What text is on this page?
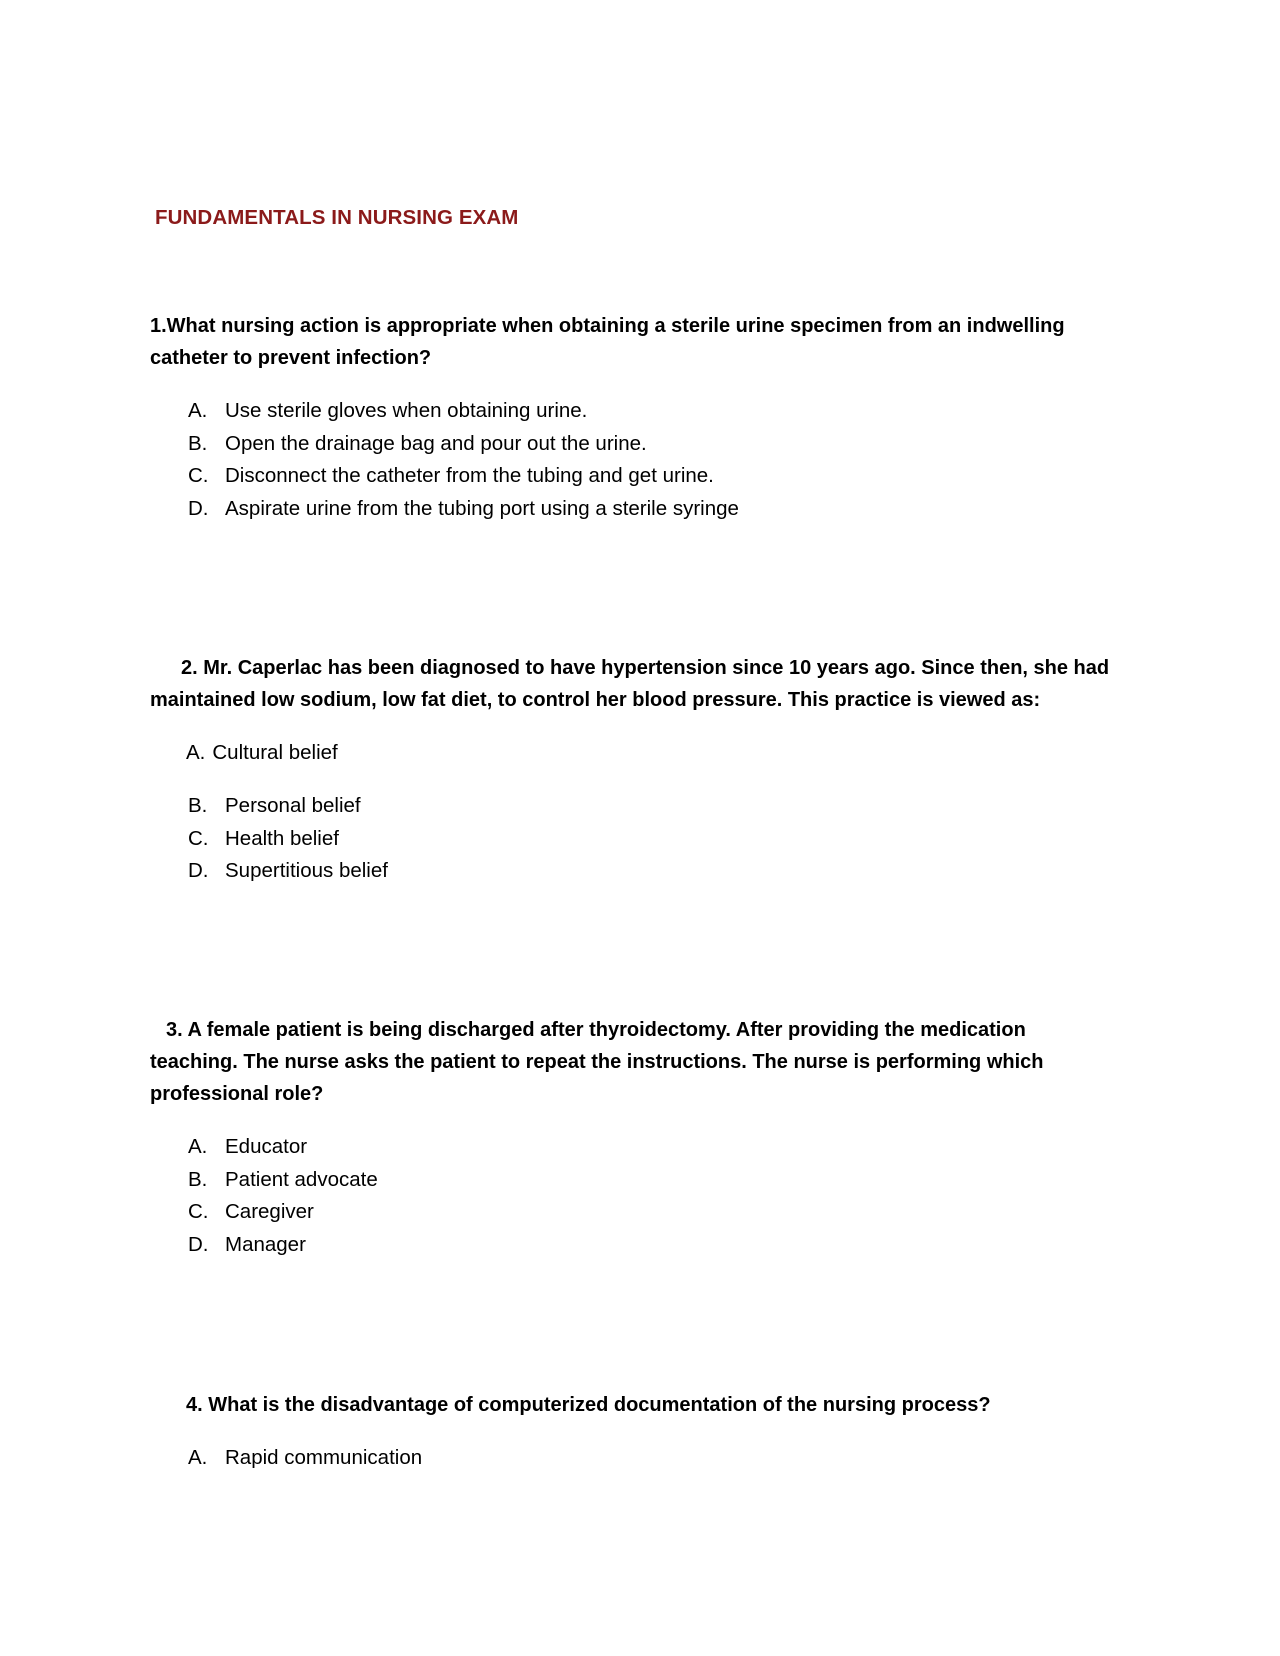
FUNDAMENTALS IN NURSING EXAM
1.What nursing action is appropriate when obtaining a sterile urine specimen from an indwelling catheter to prevent infection?
A. Use sterile gloves when obtaining urine.
B. Open the drainage bag and pour out the urine.
C. Disconnect the catheter from the tubing and get urine.
D. Aspirate urine from the tubing port using a sterile syringe
2. Mr. Caperlac has been diagnosed to have hypertension since 10 years ago. Since then, she had maintained low sodium, low fat diet, to control her blood pressure. This practice is viewed as:
A. Cultural belief
B. Personal belief
C. Health belief
D. Supertitious belief
3. A female patient is being discharged after thyroidectomy. After providing the medication teaching. The nurse asks the patient to repeat the instructions. The nurse is performing which professional role?
A. Educator
B. Patient advocate
C. Caregiver
D. Manager
4. What is the disadvantage of computerized documentation of the nursing process?
A. Rapid communication
